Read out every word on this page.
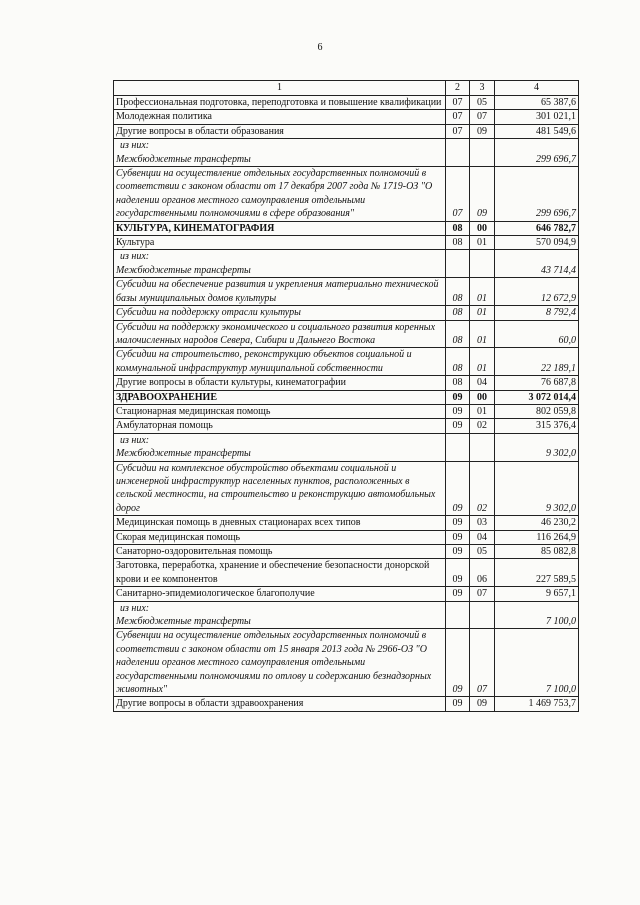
6
1	2	3	4
Профессиональная подготовка, переподготовка и повышение квалификации	07	05	65 387,6
Молодежная политика	07	07	301 021,1
Другие вопросы в области образования	07	09	481 549,6

из них:
Межбюджетные трансферты			299 696,7
Субвенции на осуществление отдельных государственных полномочий в соответствии с законом области от 17 декабря 2007 года № 1719-ОЗ "О наделении органов местного самоуправления отдельными государственными полномочиями в сфере образования"	07	09	299 696,7
КУЛЬТУРА, КИНЕМАТОГРАФИЯ	08	00	646 782,7
Культура	08	01	570 094,9

из них:
Межбюджетные трансферты			43 714,4
Субсидии на обеспечение развития и укрепления материально технической базы муниципальных домов культуры	08	01	12 672,9
Субсидии на поддержку отрасли культуры	08	01	8 792,4
Субсидии на поддержку экономического и социального развития коренных малочисленных народов Севера, Сибири и Дальнего Востока	08	01	60,0
Субсидии на строительство, реконструкцию объектов социальной и коммунальной инфраструктур муниципальной собственности	08	01	22 189,1
Другие вопросы в области культуры, кинематографии	08	04	76 687,8
ЗДРАВООХРАНЕНИЕ	09	00	3 072 014,4
Стационарная медицинская помощь	09	01	802 059,8
Амбулаторная помощь	09	02	315 376,4

из них:
Межбюджетные трансферты			9 302,0
Субсидии на комплексное обустройство объектами социальной и инженерной инфраструктур населенных пунктов, расположенных в сельской местности, на строительство и реконструкцию автомобильных дорог	09	02	9 302,0
Медицинская помощь в дневных стационарах всех типов	09	03	46 230,2
Скорая медицинская помощь	09	04	116 264,9
Санаторно-оздоровительная помощь	09	05	85 082,8
Заготовка, переработка, хранение и обеспечение безопасности донорской крови и ее компонентов	09	06	227 589,5
Санитарно-эпидемиологическое благополучие	09	07	9 657,1

из них:
Межбюджетные трансферты			7 100,0
Субвенции на осуществление отдельных государственных полномочий в соответствии с законом области от 15 января 2013 года № 2966-ОЗ "О наделении органов местного самоуправления отдельными государственными полномочиями по отлову и содержанию безнадзорных животных"	09	07	7 100,0
Другие вопросы в области здравоохранения	09	09	1 469 753,7
